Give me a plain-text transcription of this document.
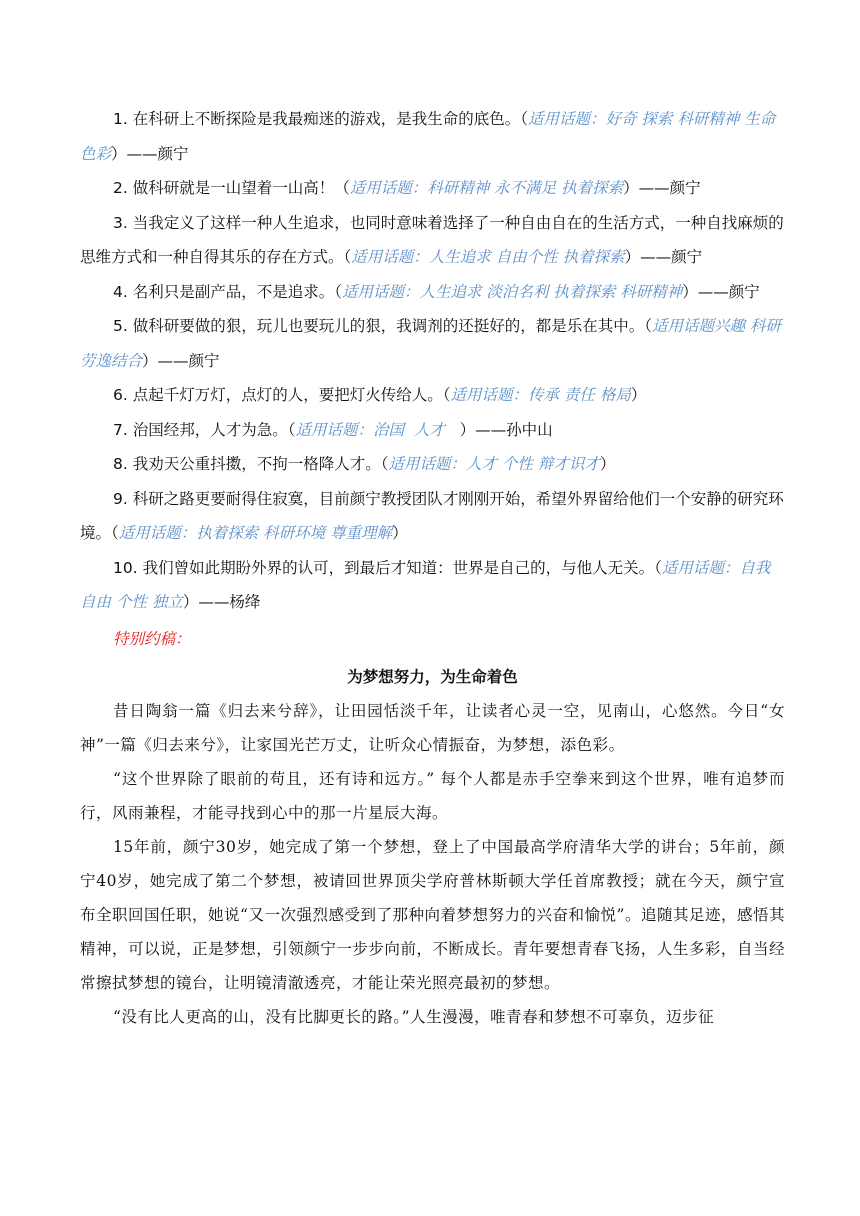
1. 在科研上不断探险是我最痴迷的游戏，是我生命的底色。（适用话题：好奇 探索 科研精神 生命色彩）——颜宁

2. 做科研就是一山望着一山高！（适用话题：科研精神 永不满足 执着探索）——颜宁

3. 当我定义了这样一种人生追求，也同时意味着选择了一种自由自在的生活方式，一种自找麻烦的思维方式和一种自得其乐的存在方式。（适用话题：人生追求 自由个性 执着探索）——颜宁

4. 名利只是副产品，不是追求。（适用话题：人生追求 淡泊名利 执着探索 科研精神）——颜宁

5. 做科研要做的狠，玩儿也要玩儿的狠，我调剂的还挺好的，都是乐在其中。（适用话题兴趣 科研 劳逸结合）——颜宁

6. 点起千灯万灯，点灯的人，要把灯火传给人。（适用话题：传承 责任 格局）

7. 治国经邦，人才为急。（适用话题：治国  人才   ）——孙中山

8. 我劝天公重抖擞，不拘一格降人才。（适用话题：人才 个性 辩才识才）

9. 科研之路更要耐得住寂寞，目前颜宁教授团队才刚刚开始，希望外界留给他们一个安静的研究环境。（适用话题：执着探索 科研环境 尊重理解）

10. 我们曾如此期盼外界的认可，到最后才知道：世界是自己的，与他人无关。（适用话题：自我 自由 个性 独立）——杨绛

特别约稿：

为梦想努力，为生命着色

昔日陶翁一篇《归去来兮辞》，让田园恬淡千年，让读者心灵一空，见南山，心悠然。今日“女神”一篇《归去来兮》，让家国光芒万丈，让听众心情振奋，为梦想，添色彩。

“这个世界除了眼前的苟且，还有诗和远方。” 每个人都是赤手空拳来到这个世界，唯有追梦而行，风雨兼程，才能寻找到心中的那一片星辰大海。

15年前，颜宁30岁，她完成了第一个梦想，登上了中国最高学府清华大学的讲台；5年前，颜宁40岁，她完成了第二个梦想，被请回世界顶尖学府普林斯顿大学任首席教授；就在今天，颜宁宣布全职回国任职，她说“又一次强烈感受到了那种向着梦想努力的兴奋和愉悦”。追随其足迹，感悟其精神，可以说，正是梦想，引领颜宁一步步向前，不断成长。青年要想青春飞扬，人生多彩，自当经常擦拭梦想的镜台，让明镜清澈透亮，才能让荣光照亮最初的梦想。

“没有比人更高的山，没有比脚更长的路。”人生漫漫，唯青春和梦想不可辜负，迈步征
